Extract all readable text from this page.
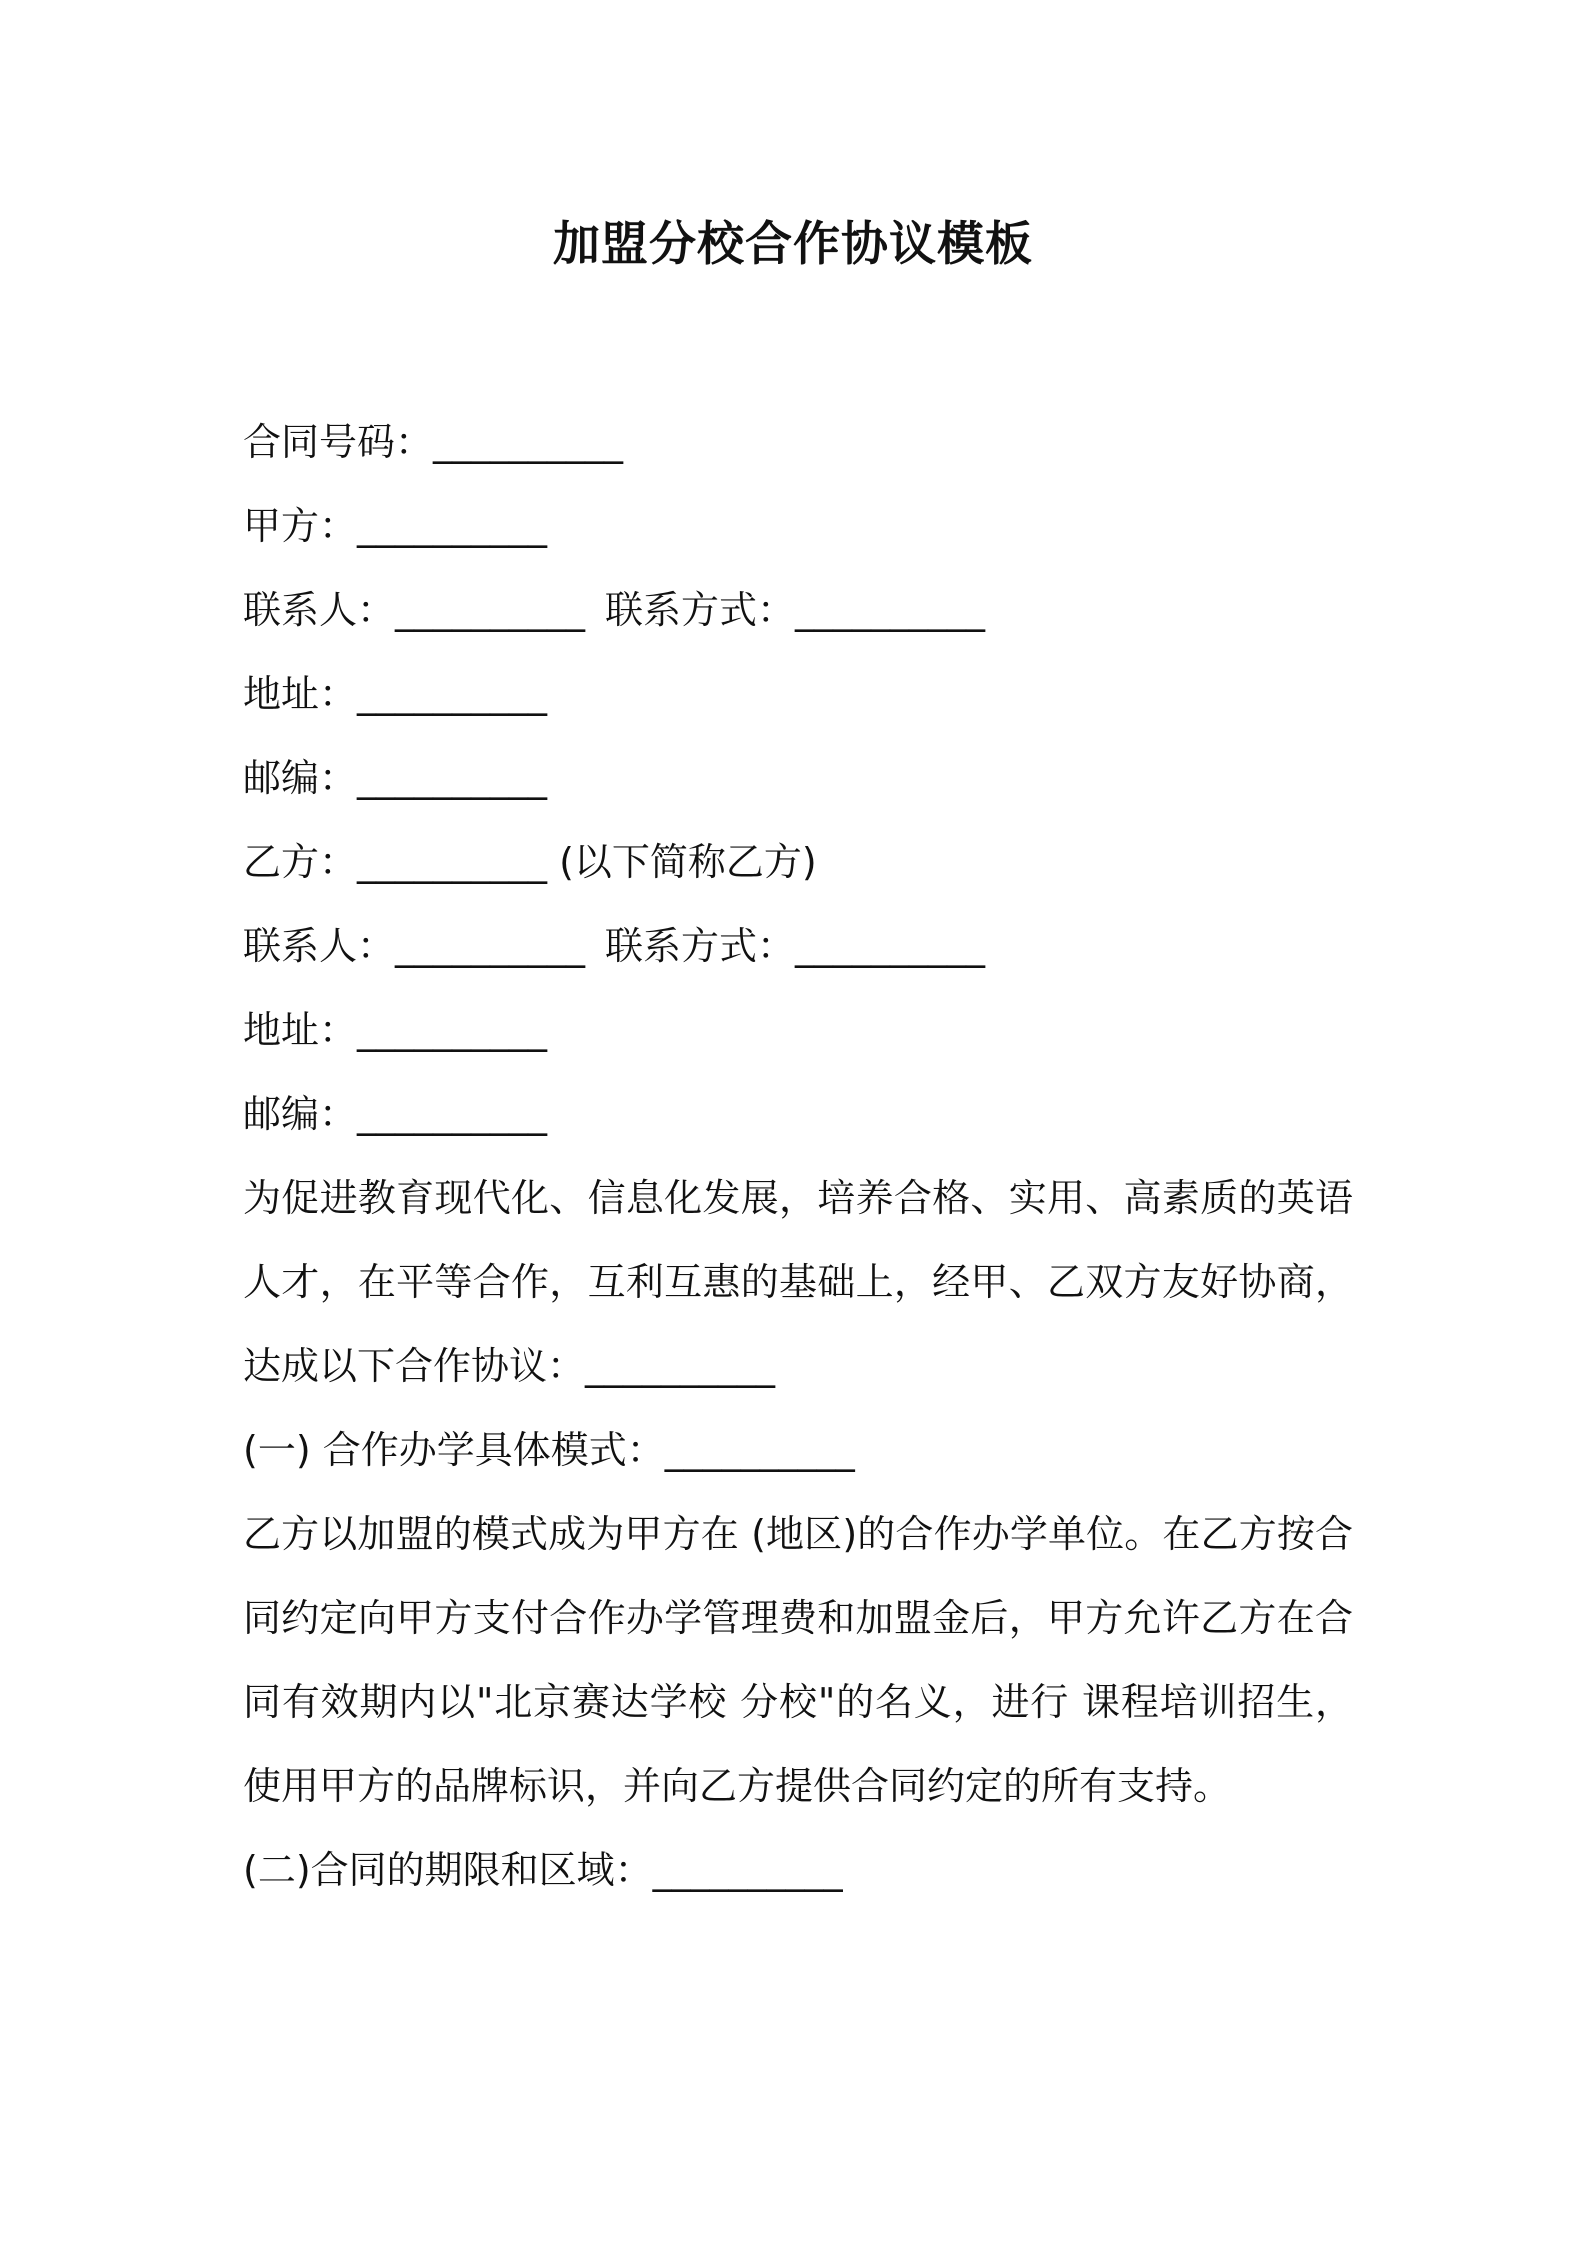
加盟分校合作协议模板
合同号码：__________
甲方：__________
联系人：__________ 联系方式：__________
地址：__________
邮编：__________
乙方：__________ (以下简称乙方)
联系人：__________ 联系方式：__________
地址：__________
邮编：__________
为促进教育现代化、信息化发展，培养合格、实用、高素质的英语人才，在平等合作，互利互惠的基础上，经甲、乙双方友好协商，达成以下合作协议：__________
(一) 合作办学具体模式：__________
乙方以加盟的模式成为甲方在 (地区)的合作办学单位。在乙方按合同约定向甲方支付合作办学管理费和加盟金后，甲方允许乙方在合同有效期内以"北京赛达学校 分校"的名义，进行 课程培训招生，使用甲方的品牌标识，并向乙方提供合同约定的所有支持。
(二)合同的期限和区域：__________
